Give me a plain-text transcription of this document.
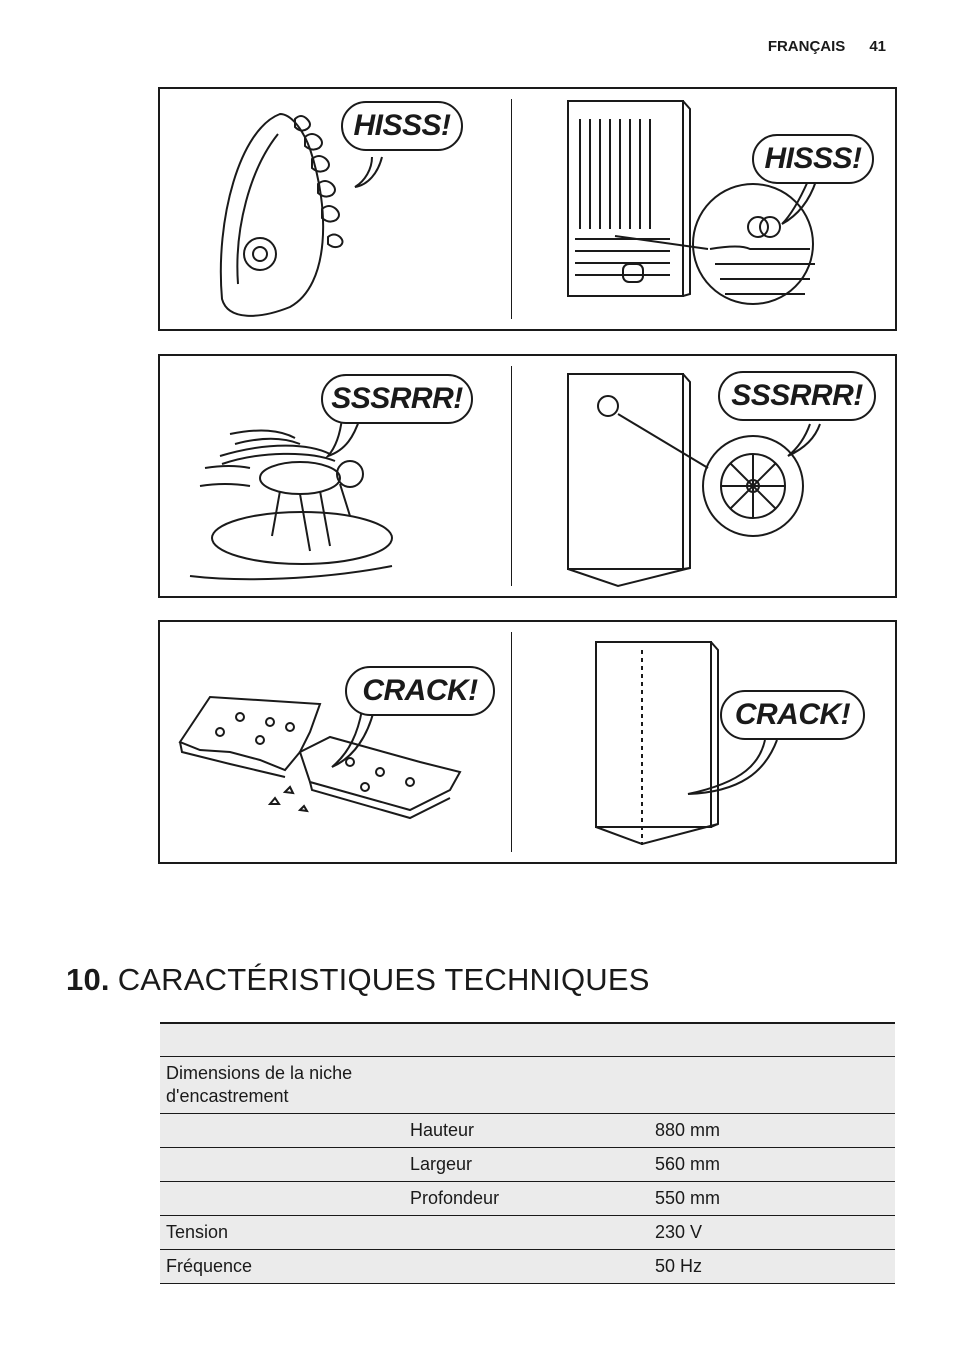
FRANÇAIS 41
HISSS!
HISSS!
SSSRRR!	SSSRRR!
CRACK!
CRACK!
10. CARACTÉRISTIQUES TECHNIQUES

Dimensions de la niche d'encastrement		
	Hauteur	880 mm
	Largeur	560 mm
	Profondeur	550 mm
Tension		230 V
Fréquence		50 Hz
